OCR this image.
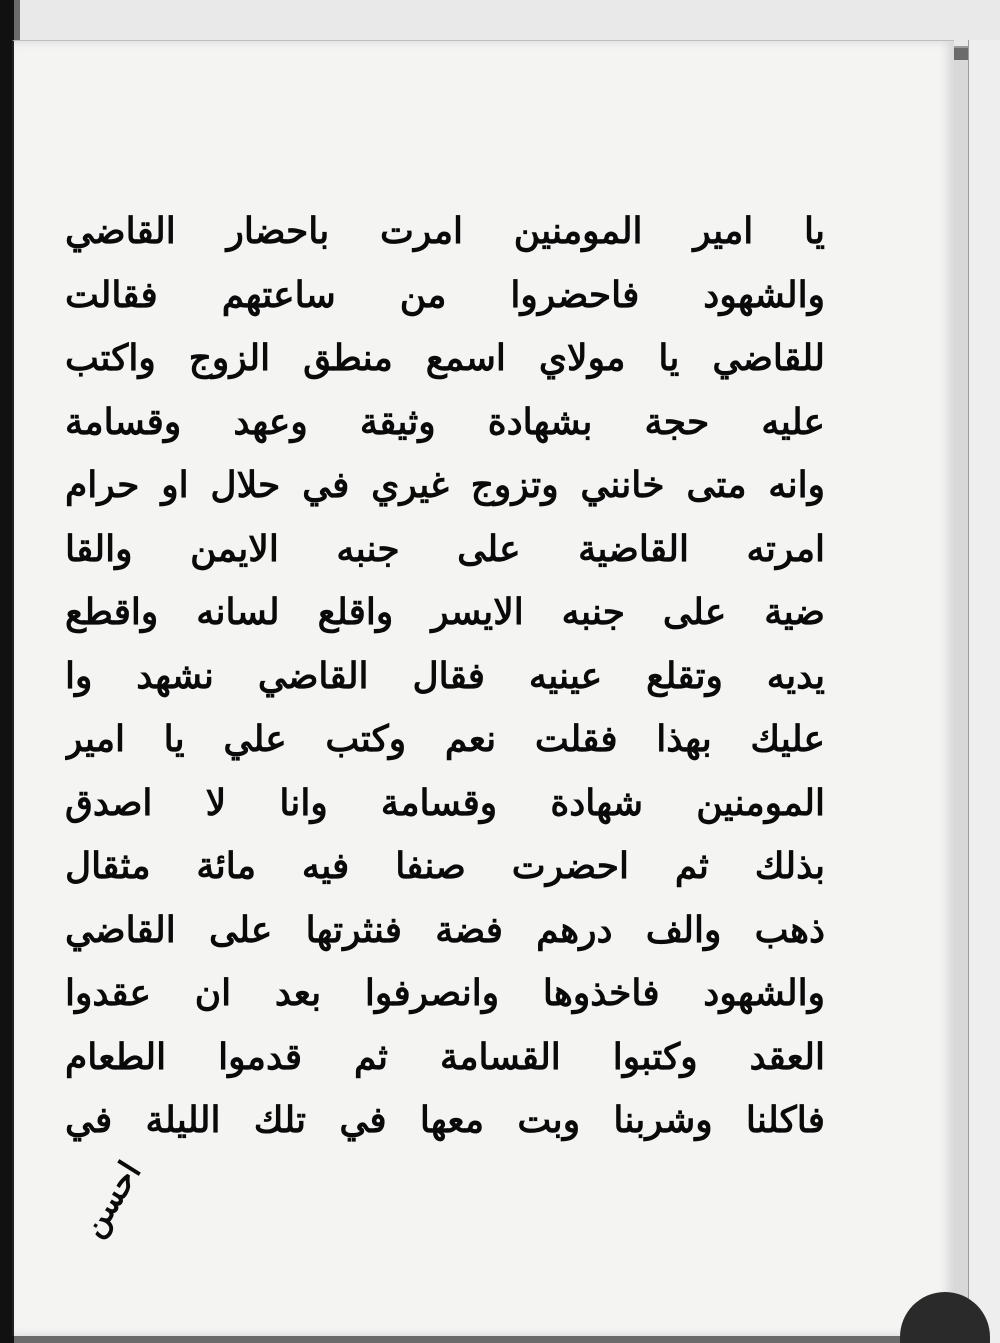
يا امير المومنين امرت باحضار القاضي
والشهود فاحضروا من ساعتهم فقالت
للقاضي يا مولاي اسمع منطق الزوج واكتب
عليه حجة بشهادة وثيقة وعهد وقسامة
وانه متى خانني وتزوج غيري في حلال او حرام
امرته القاضية على جنبه الايمن والقا
ضية على جنبه الايسر واقلع لسانه واقطع
يديه وتقلع عينيه فقال القاضي نشهد وا
عليك بهذا فقلت نعم وكتب علي يا امير
المومنين شهادة وقسامة وانا لا اصدق
بذلك ثم احضرت صنفا فيه مائة مثقال
ذهب والف درهم فضة فنثرتها على القاضي
والشهود فاخذوها وانصرفوا بعد ان عقدوا
العقد وكتبوا القسامة ثم قدموا الطعام
فاكلنا وشربنا وبت معها في تلك الليلة في
احسن
